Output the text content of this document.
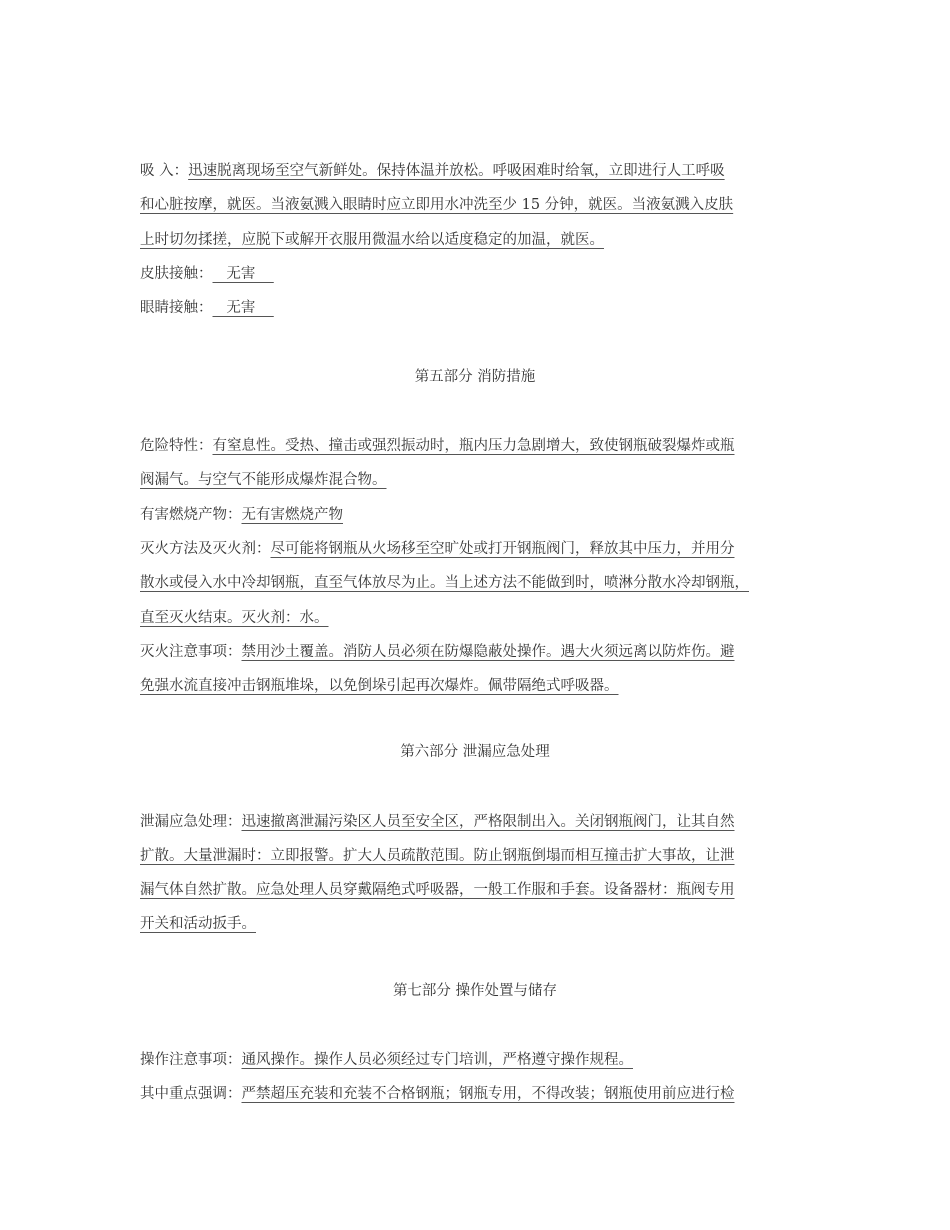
吸 入：迅速脱离现场至空气新鲜处。保持体温并放松。呼吸困难时给氧，立即进行人工呼吸
和心脏按摩，就医。当液氨溅入眼睛时应立即用水冲洗至少 15 分钟，就医。当液氨溅入皮肤
上时切勿揉搓，应脱下或解开衣服用微温水给以适度稳定的加温，就医。
皮肤接触：   无害
眼睛接触：   无害
第五部分 消防措施
危险特性：有窒息性。受热、撞击或强烈振动时，瓶内压力急剧增大，致使钢瓶破裂爆炸或瓶
阀漏气。与空气不能形成爆炸混合物。
有害燃烧产物：无有害燃烧产物
灭火方法及灭火剂：尽可能将钢瓶从火场移至空旷处或打开钢瓶阀门，释放其中压力，并用分
散水或侵入水中冷却钢瓶，直至气体放尽为止。当上述方法不能做到时，喷淋分散水冷却钢瓶，
直至灭火结束。灭火剂：水。
灭火注意事项：禁用沙土覆盖。消防人员必须在防爆隐蔽处操作。遇大火须远离以防炸伤。避
免强水流直接冲击钢瓶堆垛，以免倒垛引起再次爆炸。佩带隔绝式呼吸器。
第六部分 泄漏应急处理
泄漏应急处理：迅速撤离泄漏污染区人员至安全区，严格限制出入。关闭钢瓶阀门，让其自然
扩散。大量泄漏时：立即报警。扩大人员疏散范围。防止钢瓶倒塌而相互撞击扩大事故，让泄
漏气体自然扩散。应急处理人员穿戴隔绝式呼吸器，一般工作服和手套。设备器材：瓶阀专用
开关和活动扳手。
第七部分 操作处置与储存
操作注意事项：通风操作。操作人员必须经过专门培训，严格遵守操作规程。
其中重点强调：严禁超压充装和充装不合格钢瓶；钢瓶专用，不得改装；钢瓶使用前应进行检
